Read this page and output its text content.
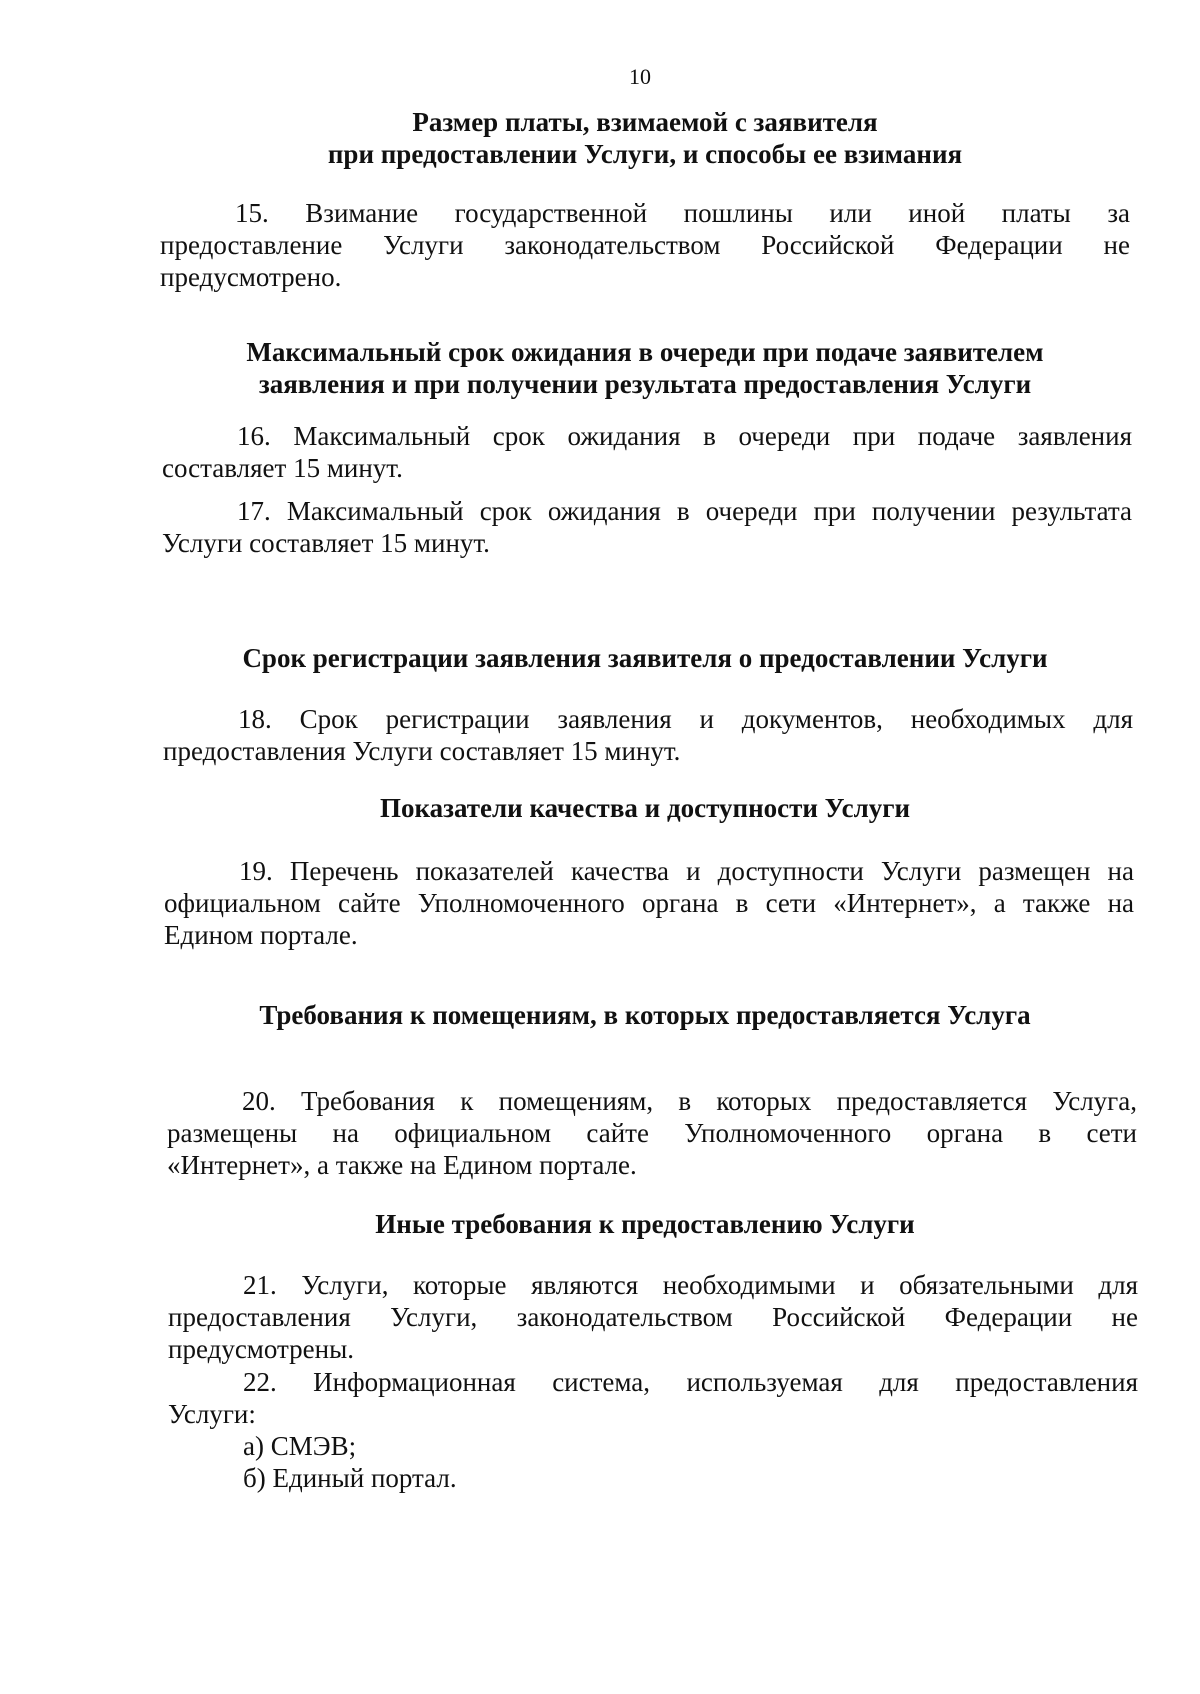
10
Размер платы, взимаемой с заявителя
при предоставлении Услуги, и способы ее взимания
15. Взимание государственной пошлины или иной платы за
предоставление Услуги законодательством Российской Федерации не
предусмотрено.
Максимальный срок ожидания в очереди при подаче заявителем
заявления и при получении результата предоставления Услуги
16. Максимальный срок ожидания в очереди при подаче заявления
составляет 15 минут.
17. Максимальный срок ожидания в очереди при получении результата
Услуги составляет 15 минут.
Срок регистрации заявления заявителя о предоставлении Услуги
18. Срок регистрации заявления и документов, необходимых для
предоставления Услуги составляет 15 минут.
Показатели качества и доступности Услуги
19. Перечень показателей качества и доступности Услуги размещен на
официальном сайте Уполномоченного органа в сети «Интернет», а также на
Едином портале.
Требования к помещениям, в которых предоставляется Услуга
20. Требования к помещениям, в которых предоставляется Услуга,
размещены на официальном сайте Уполномоченного органа в сети
«Интернет», а также на Едином портале.
Иные требования к предоставлению Услуги
21. Услуги, которые являются необходимыми и обязательными для
предоставления Услуги, законодательством Российской Федерации не
предусмотрены.
22. Информационная система, используемая для предоставления
Услуги:
а) СМЭВ;
б) Единый портал.
